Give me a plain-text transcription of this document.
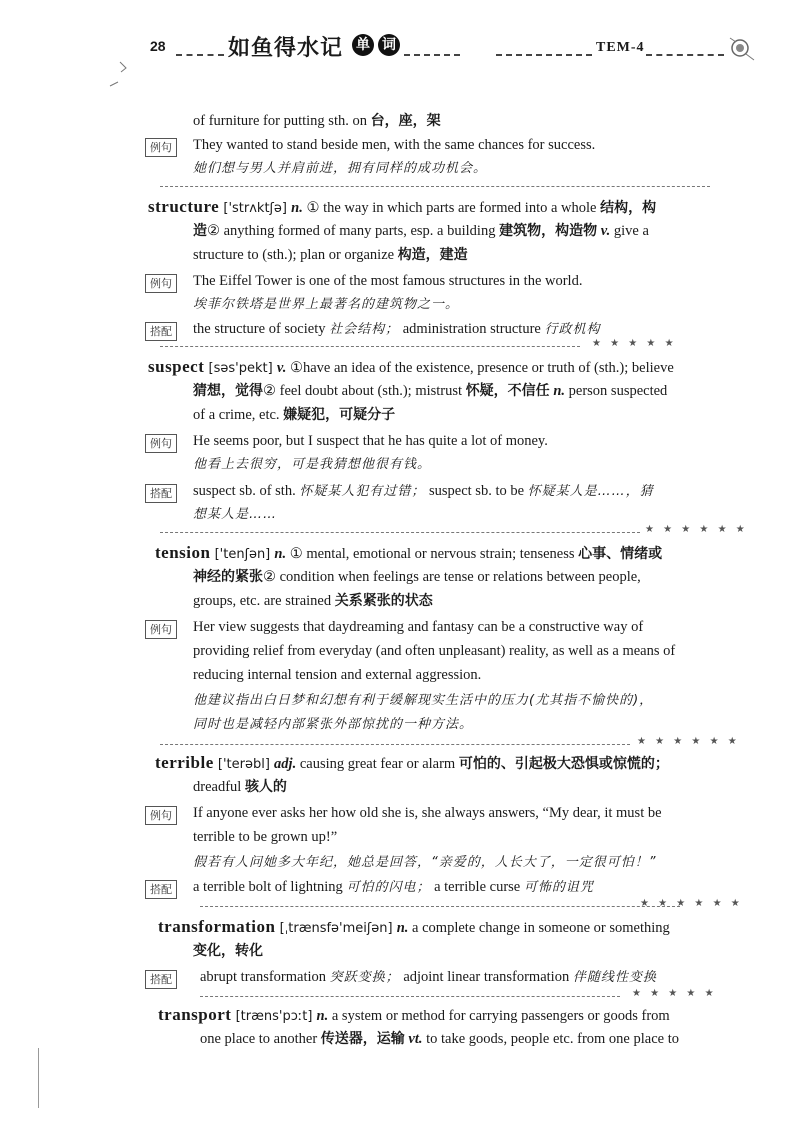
28	如鱼得水记 单 词	TEM-4
of furniture for putting sth. on 台，座，架
例句	They wanted to stand beside men, with the same chances for success.
她们想与男人并肩前进，拥有同样的成功机会。
structure ['strʌktʃə] n. ① the way in which parts are formed into a whole 结构，构
造② anything formed of many parts, esp. a building 建筑物，构造物 v. give a
structure to (sth.); plan or organize 构造，建造
例句	The Eiffel Tower is one of the most famous structures in the world.
埃菲尔铁塔是世界上最著名的建筑物之一。
搭配	the structure of society 社会结构； administration structure 行政机构
★ ★ ★ ★ ★
suspect [səs'pekt] v. ①have an idea of the existence, presence or truth of (sth.); believe
猜想，觉得② feel doubt about (sth.); mistrust 怀疑，不信任 n. person suspected
of a crime, etc. 嫌疑犯，可疑分子
例句	He seems poor, but I suspect that he has quite a lot of money.
他看上去很穷，可是我猜想他很有钱。
搭配	suspect sb. of sth. 怀疑某人犯有过错； suspect sb. to be 怀疑某人是……，猜
想某人是……
★ ★ ★ ★ ★ ★
tension ['tenʃən] n. ① mental, emotional or nervous strain; tenseness 心事、情绪或
神经的紧张② condition when feelings are tense or relations between people,
groups, etc. are strained 关系紧张的状态
例句	Her view suggests that daydreaming and fantasy can be a constructive way of
providing relief from everyday (and often unpleasant) reality, as well as a means of
reducing internal tension and external aggression.
他建议指出白日梦和幻想有利于缓解现实生活中的压力(尤其指不愉快的)，
同时也是减轻内部紧张外部惊扰的一种方法。
★ ★ ★ ★ ★ ★
terrible ['terəbl] adj. causing great fear or alarm 可怕的、引起极大恐惧或惊慌的；
dreadful 骇人的
例句	If anyone ever asks her how old she is, she always answers, “My dear, it must be
terrible to be grown up!”
假若有人问她多大年纪，她总是回答，“亲爱的，人长大了，一定很可怕！”
搭配	a terrible bolt of lightning 可怕的闪电； a terrible curse 可怖的诅咒
★ ★ ★ ★ ★ ★
transformation [ˌtrænsfə'meiʃən] n. a complete change in someone or something
变化，转化
搭配	abrupt transformation 突跃变换； adjoint linear transformation 伴随线性变换
★ ★ ★ ★ ★
transport [træns'pɔːt] n. a system or method for carrying passengers or goods from
one place to another 传送器，运输 vt. to take goods, people etc. from one place to
